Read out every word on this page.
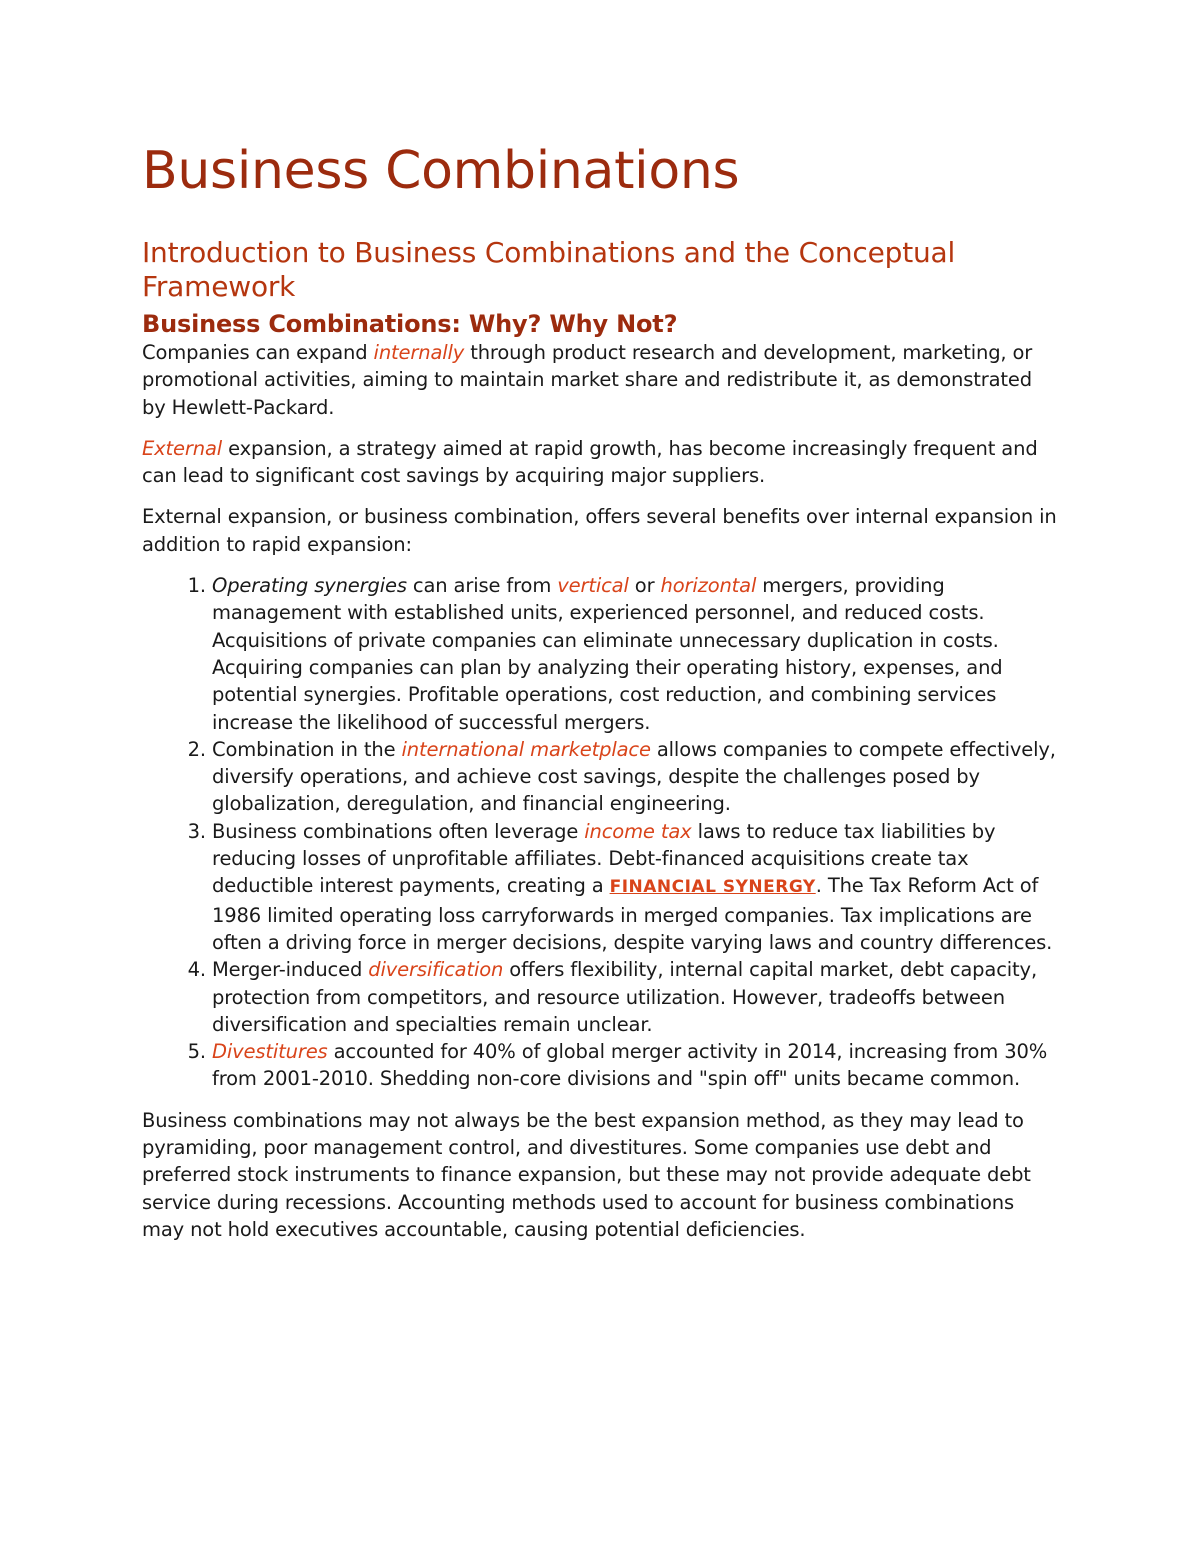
Business Combinations
Introduction to Business Combinations and the Conceptual Framework
Business Combinations: Why? Why Not?

Companies can expand internally through product research and development, marketing, or promotional activities, aiming to maintain market share and redistribute it, as demonstrated by Hewlett-Packard.

External expansion, a strategy aimed at rapid growth, has become increasingly frequent and can lead to significant cost savings by acquiring major suppliers.

External expansion, or business combination, offers several benefits over internal expansion in addition to rapid expansion:

1. Operating synergies can arise from vertical or horizontal mergers, providing management with established units, experienced personnel, and reduced costs. Acquisitions of private companies can eliminate unnecessary duplication in costs.
Acquiring companies can plan by analyzing their operating history, expenses, and potential synergies. Profitable operations, cost reduction, and combining services increase the likelihood of successful mergers.
2. Combination in the international marketplace allows companies to compete effectively, diversify operations, and achieve cost savings, despite the challenges posed by globalization, deregulation, and financial engineering.
3. Business combinations often leverage income tax laws to reduce tax liabilities by reducing losses of unprofitable affiliates. Debt-financed acquisitions create tax deductible interest payments, creating a FINANCIAL SYNERGY. The Tax Reform Act of 1986 limited operating loss carryforwards in merged companies. Tax implications are often a driving force in merger decisions, despite varying laws and country differences.
4. Merger-induced diversification offers flexibility, internal capital market, debt capacity, protection from competitors, and resource utilization. However, tradeoffs between diversification and specialties remain unclear.
5. Divestitures accounted for 40% of global merger activity in 2014, increasing from 30% from 2001-2010. Shedding non-core divisions and "spin off" units became common.

Business combinations may not always be the best expansion method, as they may lead to pyramiding, poor management control, and divestitures. Some companies use debt and preferred stock instruments to finance expansion, but these may not provide adequate debt service during recessions. Accounting methods used to account for business combinations may not hold executives accountable, causing potential deficiencies.
